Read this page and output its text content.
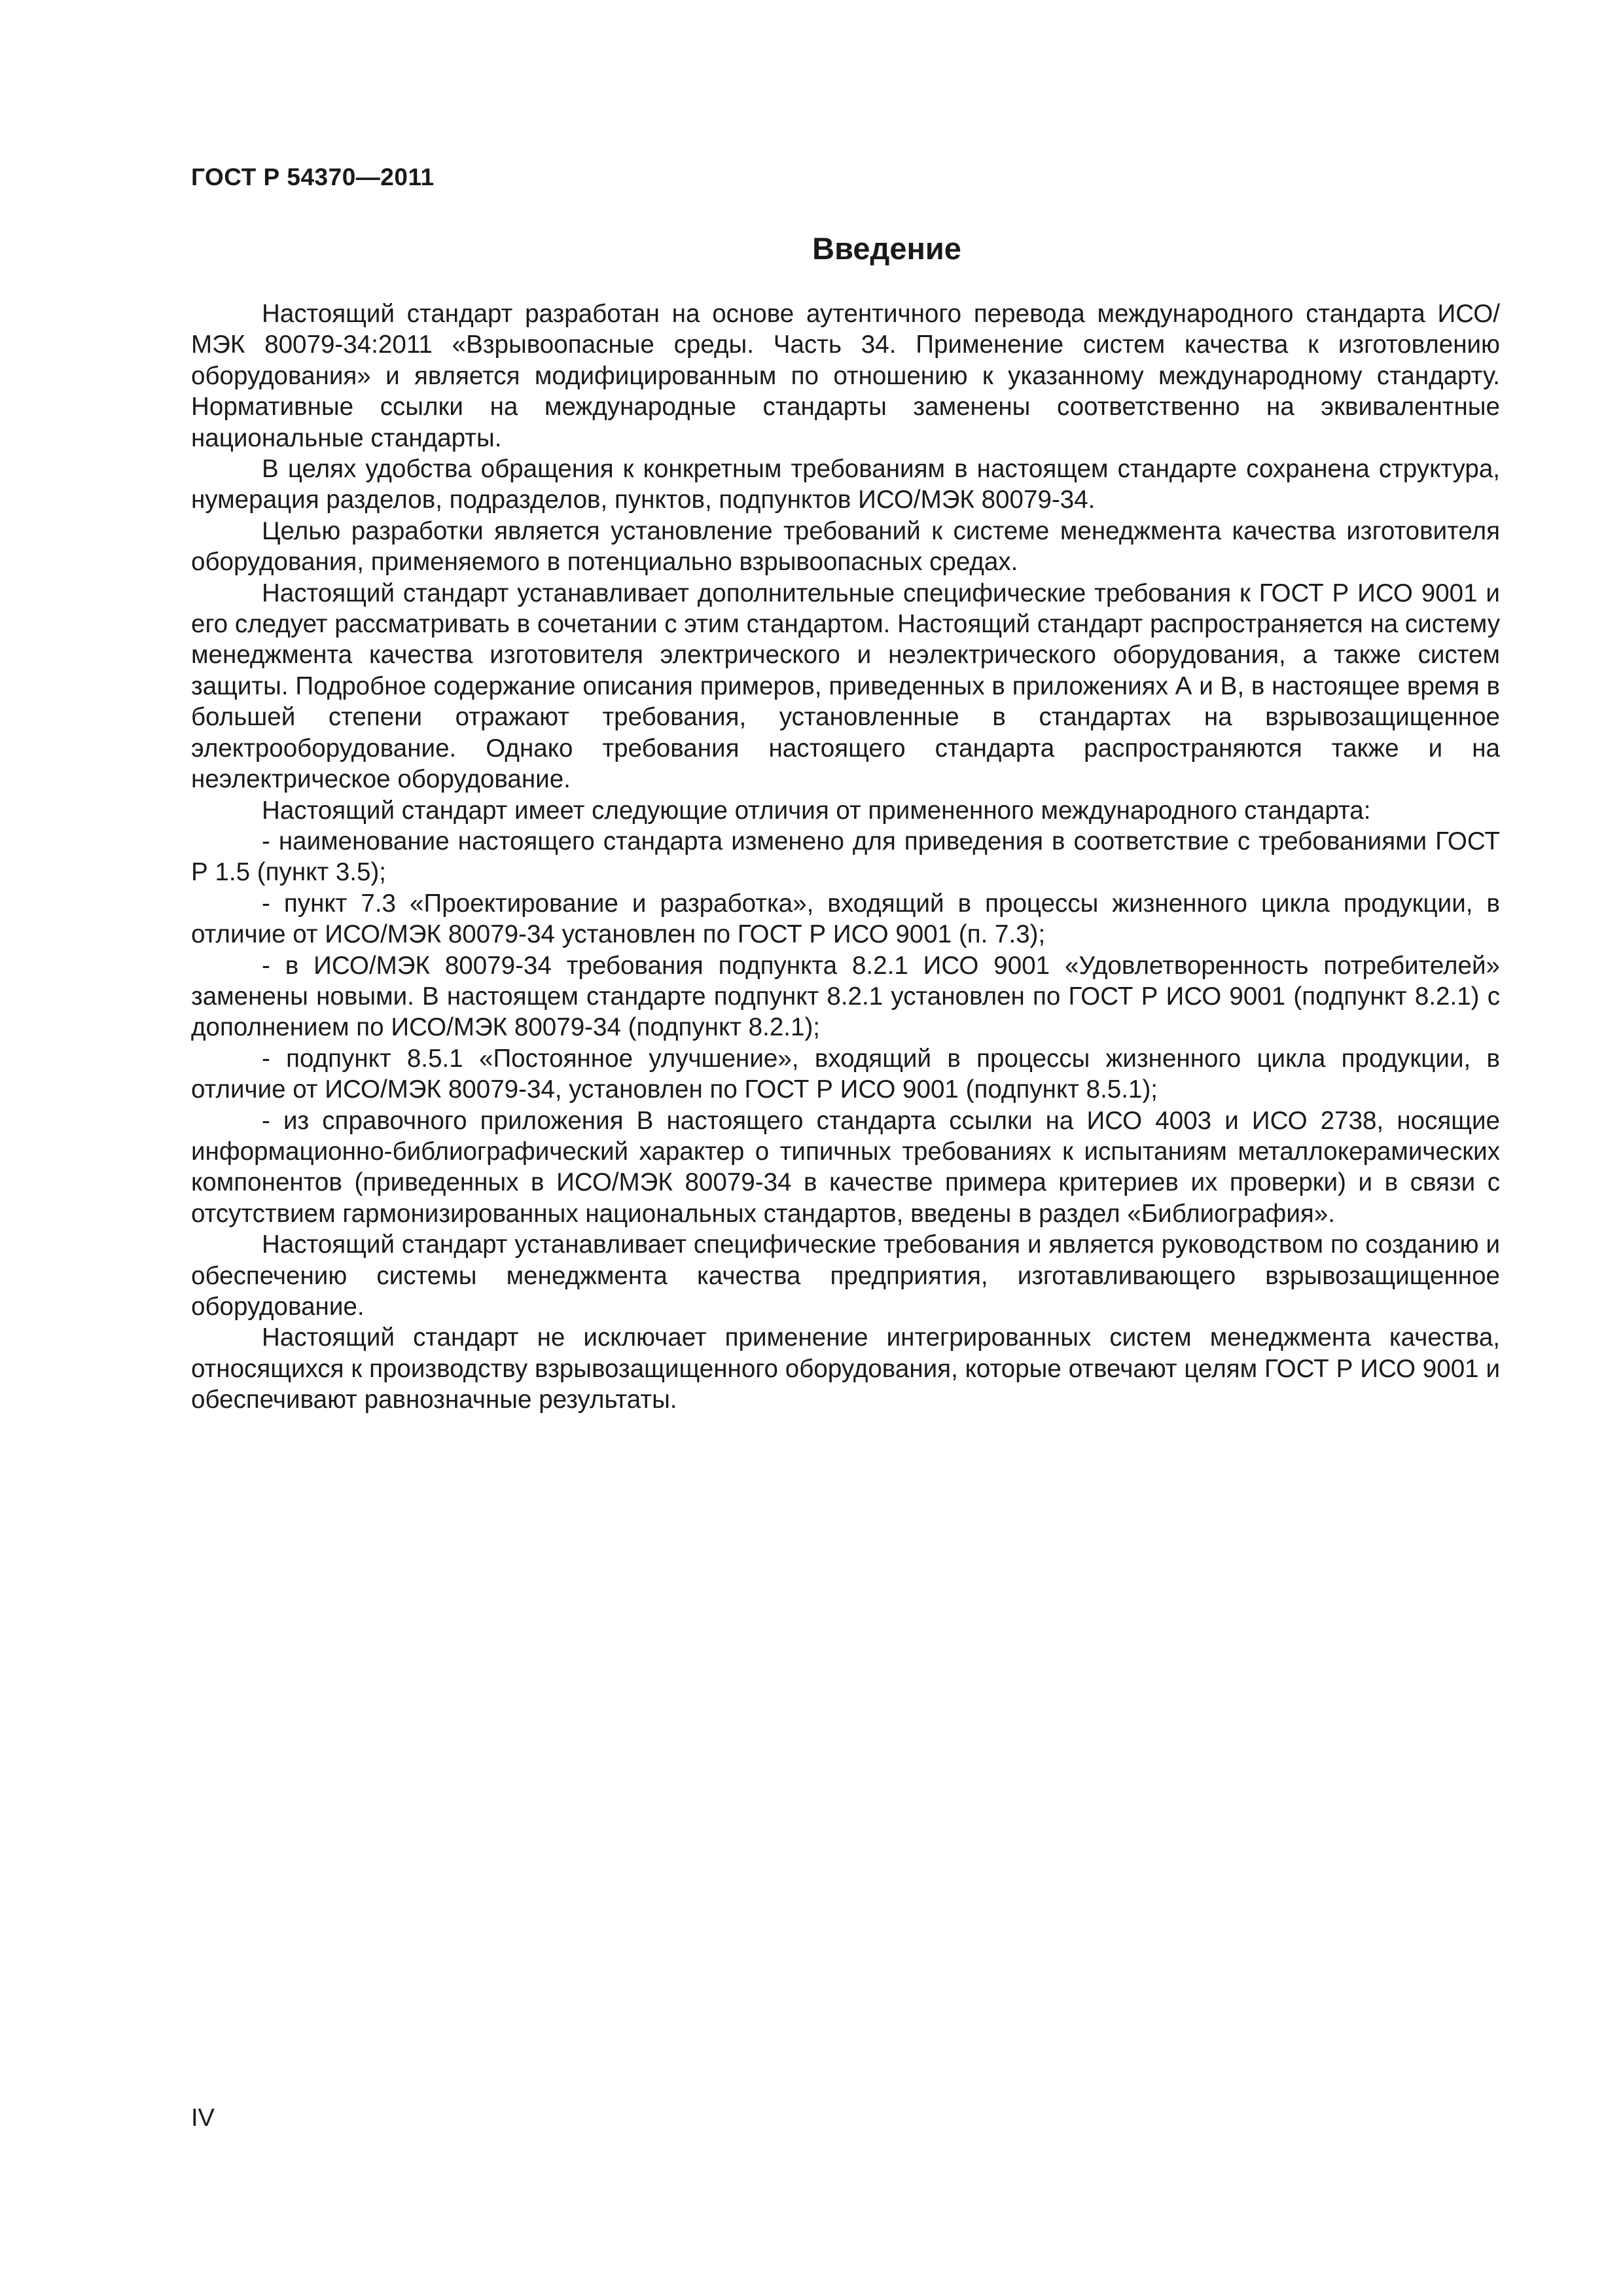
ГОСТ Р 54370—2011
Введение

Настоящий стандарт разработан на основе аутентичного перевода международного стандарта ИСО/МЭК 80079-34:2011 «Взрывоопасные среды. Часть 34. Применение систем качества к изготовлению оборудования» и является модифицированным по отношению к указанному международному стандарту. Нормативные ссылки на международные стандарты заменены соответственно на эквивалентные национальные стандарты.

В целях удобства обращения к конкретным требованиям в настоящем стандарте сохранена структура, нумерация разделов, подразделов, пунктов, подпунктов ИСО/МЭК 80079-34.

Целью разработки является установление требований к системе менеджмента качества изготовителя оборудования, применяемого в потенциально взрывоопасных средах.

Настоящий стандарт устанавливает дополнительные специфические требования к ГОСТ Р ИСО 9001 и его следует рассматривать в сочетании с этим стандартом. Настоящий стандарт распространяется на систему менеджмента качества изготовителя электрического и неэлектрического оборудования, а также систем защиты. Подробное содержание описания примеров, приведенных в приложениях А и В, в настоящее время в большей степени отражают требования, установленные в стандартах на взрывозащищенное электрооборудование. Однако требования настоящего стандарта распространяются также и на неэлектрическое оборудование.

Настоящий стандарт имеет следующие отличия от примененного международного стандарта:

- наименование настоящего стандарта изменено для приведения в соответствие с требованиями ГОСТ Р 1.5 (пункт 3.5);

- пункт 7.3 «Проектирование и разработка», входящий в процессы жизненного цикла продукции, в отличие от ИСО/МЭК 80079-34 установлен по ГОСТ Р ИСО 9001 (п. 7.3);

- в ИСО/МЭК 80079-34 требования подпункта 8.2.1 ИСО 9001 «Удовлетворенность потребителей» заменены новыми. В настоящем стандарте подпункт 8.2.1 установлен по ГОСТ Р ИСО 9001 (подпункт 8.2.1) с дополнением по ИСО/МЭК 80079-34 (подпункт 8.2.1);

- подпункт 8.5.1 «Постоянное улучшение», входящий в процессы жизненного цикла продукции, в отличие от ИСО/МЭК 80079-34, установлен по ГОСТ Р ИСО 9001 (подпункт 8.5.1);

- из справочного приложения В настоящего стандарта ссылки на ИСО 4003 и ИСО 2738, носящие информационно-библиографический характер о типичных требованиях к испытаниям металлокерамических компонентов (приведенных в ИСО/МЭК 80079-34 в качестве примера критериев их проверки) и в связи с отсутствием гармонизированных национальных стандартов, введены в раздел «Библиография».

Настоящий стандарт устанавливает специфические требования и является руководством по созданию и обеспечению системы менеджмента качества предприятия, изготавливающего взрывозащищенное оборудование.

Настоящий стандарт не исключает применение интегрированных систем менеджмента качества, относящихся к производству взрывозащищенного оборудования, которые отвечают целям ГОСТ Р ИСО 9001 и обеспечивают равнозначные результаты.

IV
